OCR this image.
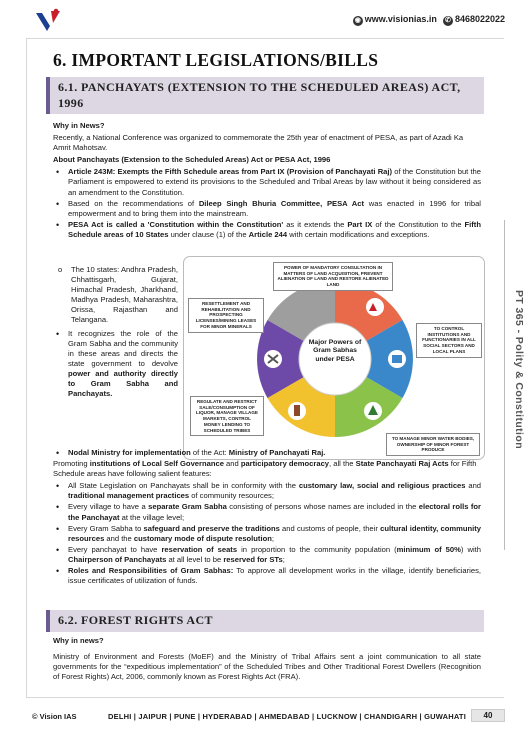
◉ www.visionias.in ✆ 8468022022
6. IMPORTANT LEGISLATIONS/BILLS
6.1. PANCHAYATS (EXTENSION TO THE SCHEDULED AREAS) ACT, 1996

Why in News?

Recently, a National Conference was organized to commemorate the 25th year of enactment of PESA, as part of Azadi Ka Amrit Mahotsav.

About Panchayats (Extension to the Scheduled Areas) Act or PESA Act, 1996

• Article 243M: Exempts the Fifth Schedule areas from Part IX (Provision of Panchayati Raj) of the Constitution but the Parliament is empowered to extend its provisions to the Scheduled and Tribal Areas by law without it being considered as an amendment to the Constitution.
• Based on the recommendations of Dileep Singh Bhuria Committee, PESA Act was enacted in 1996 for tribal empowerment and to bring them into the mainstream.
• PESA Act is called a 'Constitution within the Constitution' as it extends the Part IX of the Constitution to the Fifth Schedule areas of 10 States under clause (1) of the Article 244 with certain modifications and exceptions.
o The 10 states: Andhra Pradesh, Chhattisgarh, Gujarat, Himachal Pradesh, Jharkhand, Madhya Pradesh, Maharashtra, Orissa, Rajasthan and Telangana.
• It recognizes the role of the Gram Sabha and the community in these areas and directs the state government to devolve power and authority directly to Gram Sabha and Panchayats.
Major Powers of Gram Sabhas under PESA
POWER OF MANDATORY CONSULTATION IN MATTERS OF LAND ACQUISITION, PREVENT ALIENATION OF LAND AND RESTORE ALIENATED LAND
TO CONTROL INSTITUTIONS AND FUNCTIONARIES IN ALL SOCIAL SECTORS AND LOCAL PLANS
TO MANAGE MINOR WATER BODIES, OWNERSHIP OF MINOR FOREST PRODUCE
REGULATE AND RESTRICT SALE/CONSUMPTION OF LIQUOR, MANAGE VILLAGE MARKETS, CONTROL MONEY LENDING TO SCHEDULED TRIBES
RESETTLEMENT AND REHABILITATION AND PROSPECTING LICENSES/MINING LEASES FOR MINOR MINERALS
• Nodal Ministry for implementation of the Act: Ministry of Panchayati Raj.

Promoting institutions of Local Self Governance and participatory democracy, all the State Panchayati Raj Acts for Fifth Schedule areas have following salient features:

• All State Legislation on Panchayats shall be in conformity with the customary law, social and religious practices and traditional management practices of community resources;
• Every village to have a separate Gram Sabha consisting of persons whose names are included in the electoral rolls for the Panchayat at the village level;
• Every Gram Sabha to safeguard and preserve the traditions and customs of people, their cultural identity, community resources and the customary mode of dispute resolution;
• Every panchayat to have reservation of seats in proportion to the community population (minimum of 50%) with Chairperson of Panchayats at all level to be reserved for STs;
• Roles and Responsibilities of Gram Sabhas: To approve all development works in the village, identify beneficiaries, issue certificates of utilization of funds.
6.2. FOREST RIGHTS ACT

Why in news?

Ministry of Environment and Forests (MoEF) and the Ministry of Tribal Affairs sent a joint communication to all state governments for the “expeditious implementation” of the Scheduled Tribes and Other Traditional Forest Dwellers (Recognition of Forest Rights) Act, 2006, commonly known as Forest Rights Act (FRA).

PT 365 - Polity & Constitution
© Vision IAS	DELHI | JAIPUR | PUNE | HYDERABAD | AHMEDABAD | LUCKNOW | CHANDIGARH | GUWAHATI	40
